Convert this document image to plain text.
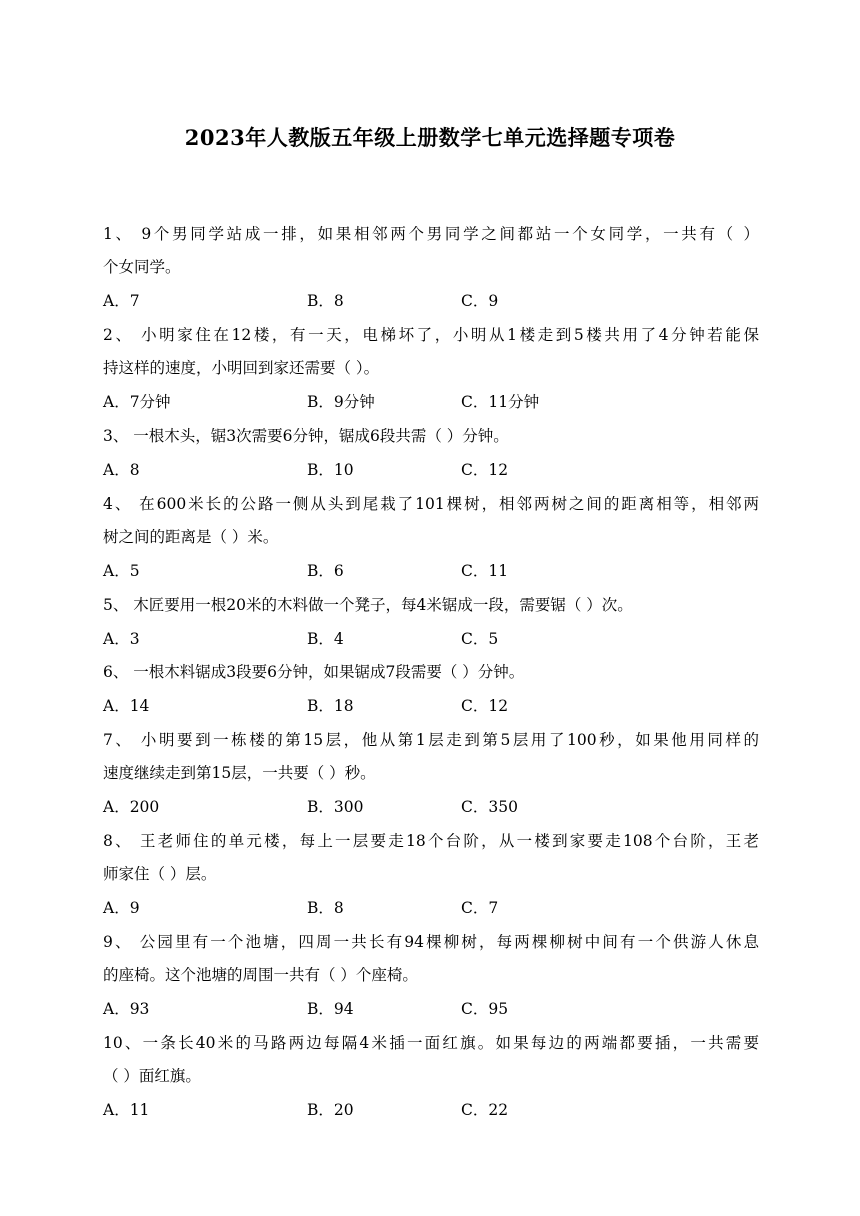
2023年人教版五年级上册数学七单元选择题专项卷
1、 9个男同学站成一排，如果相邻两个男同学之间都站一个女同学，一共有（ ）
个女同学。
A．7	B．8	C．9
2、 小明家住在12楼，有一天，电梯坏了，小明从1楼走到5楼共用了4分钟若能保
持这样的速度，小明回到家还需要（ ）。
A．7分钟	B．9分钟	C．11分钟
3、 一根木头，锯3次需要6分钟，锯成6段共需（ ）分钟。
A．8	B．10	C．12
4、 在600米长的公路一侧从头到尾栽了101棵树，相邻两树之间的距离相等，相邻两
树之间的距离是（ ）米。
A．5	B．6	C．11
5、 木匠要用一根20米的木料做一个凳子，每4米锯成一段，需要锯（ ）次。
A．3	B．4	C．5
6、 一根木料锯成3段要6分钟，如果锯成7段需要（ ）分钟。
A．14	B．18	C．12
7、 小明要到一栋楼的第15层，他从第1层走到第5层用了100秒，如果他用同样的
速度继续走到第15层，一共要（ ）秒。
A．200	B．300	C．350
8、 王老师住的单元楼，每上一层要走18个台阶，从一楼到家要走108个台阶，王老
师家住（ ）层。
A．9	B．8	C．7
9、 公园里有一个池塘，四周一共长有94棵柳树，每两棵柳树中间有一个供游人休息
的座椅。这个池塘的周围一共有（ ）个座椅。
A．93	B．94	C．95
10、一条长40米的马路两边每隔4米插一面红旗。如果每边的两端都要插，一共需要
（ ）面红旗。
A．11	B．20	C．22
